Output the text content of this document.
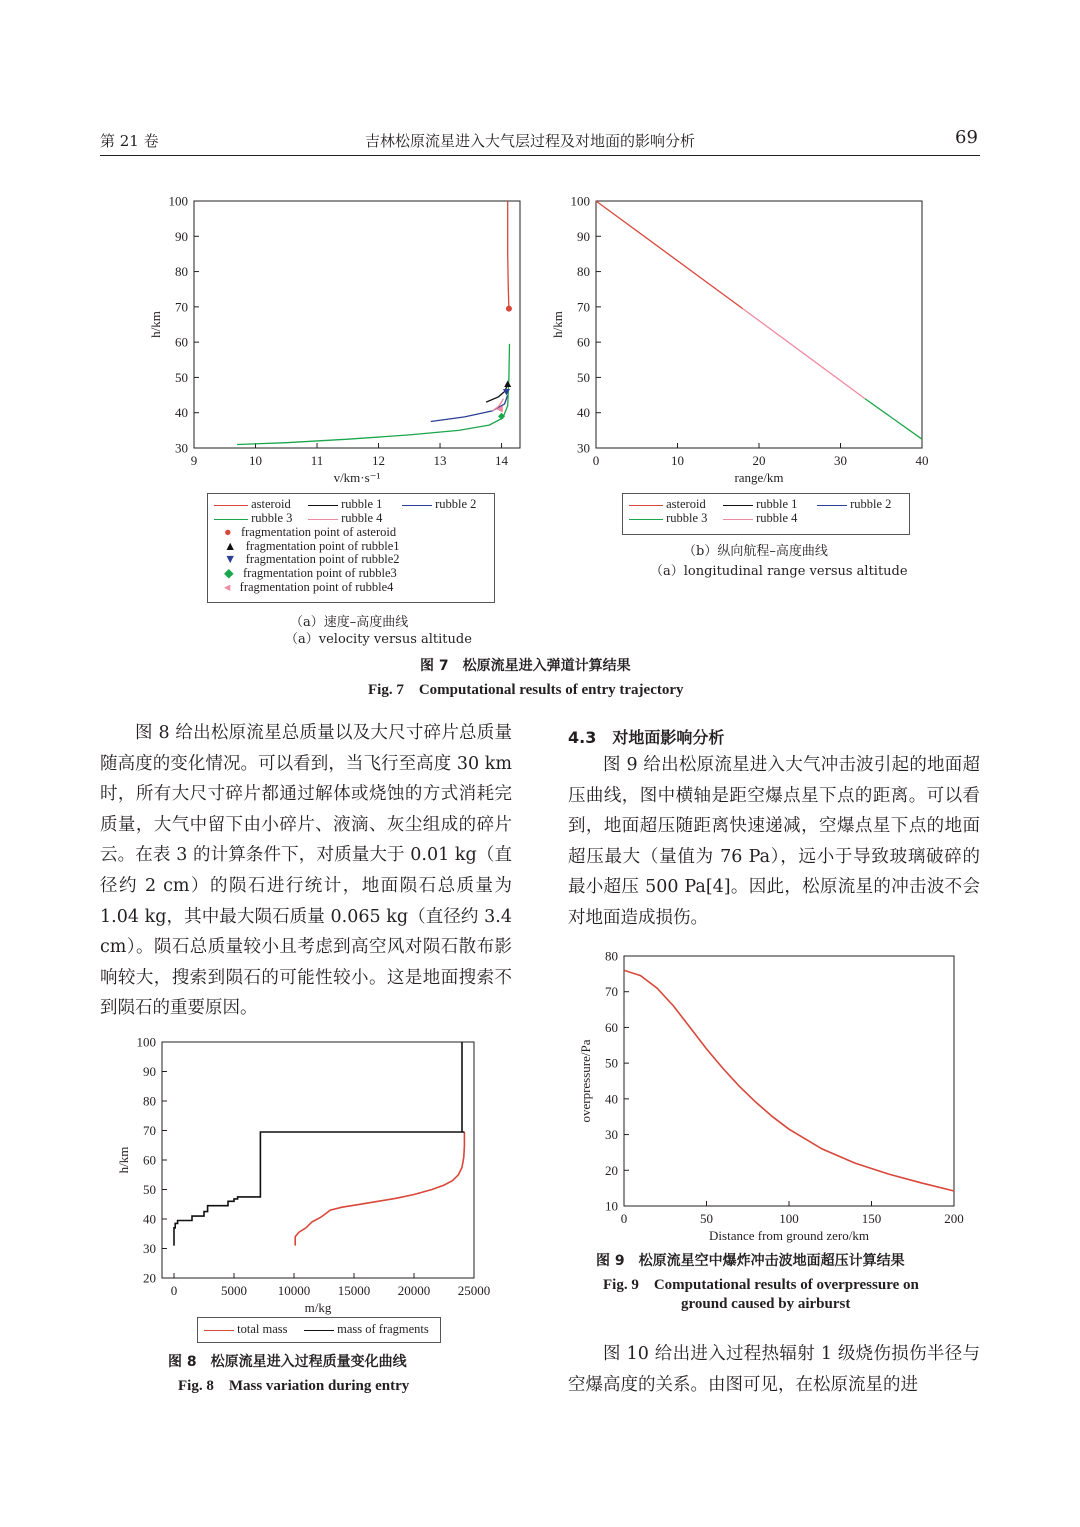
第 21 卷	吉林松原流星进入大气层过程及对地面的影响分析	69
9	10	11	12	13	14
30
40
50
60
70
80
90
100
v/km·s⁻¹
h/km
asteroid	rubble 1	rubble 2
rubble 3	rubble 4
● fragmentation point of asteroid
▲ fragmentation point of rubble1
▼ fragmentation point of rubble2
◆ fragmentation point of rubble3
◂ fragmentation point of rubble4
（a）速度–高度曲线
（a）velocity versus altitude
0	10	20	30	40
30
40
50
60
70
80
90
100
range/km
h/km
asteroid	rubble 1	rubble 2
rubble 3	rubble 4
（b）纵向航程–高度曲线
（a）longitudinal range versus altitude
图 7　松原流星进入弹道计算结果
Fig. 7　Computational results of entry trajectory
图 8 给出松原流星总质量以及大尺寸碎片总质量随高度的变化情况。可以看到，当飞行至高度 30 km 时，所有大尺寸碎片都通过解体或烧蚀的方式消耗完质量，大气中留下由小碎片、液滴、灰尘组成的碎片云。在表 3 的计算条件下，对质量大于 0.01 kg（直径约 2 cm）的陨石进行统计，地面陨石总质量为 1.04 kg，其中最大陨石质量 0.065 kg（直径约 3.4 cm）。陨石总质量较小且考虑到高空风对陨石散布影响较大，搜索到陨石的可能性较小。这是地面搜索不到陨石的重要原因。
0	5000 10000 15000 20000 25000
20
30
40
50
60
70
80
90
100
m/kg
h/km
total mass	mass of fragments
图 8　松原流星进入过程质量变化曲线
Fig. 8　Mass variation during entry
4.3　对地面影响分析
图 9 给出松原流星进入大气冲击波引起的地面超压曲线，图中横轴是距空爆点星下点的距离。可以看到，地面超压随距离快速递减，空爆点星下点的地面超压最大（量值为 76 Pa），远小于导致玻璃破碎的最小超压 500 Pa[4]。因此，松原流星的冲击波不会对地面造成损伤。
0	50	100	150	200
10
20
30
40
50
60
70
80
Distance from ground zero/km
overpressure/Pa
图 9　松原流星空中爆炸冲击波地面超压计算结果
Fig. 9　Computational results of overpressure on
ground caused by airburst
图 10 给出进入过程热辐射 1 级烧伤损伤半径与空爆高度的关系。由图可见，在松原流星的进
